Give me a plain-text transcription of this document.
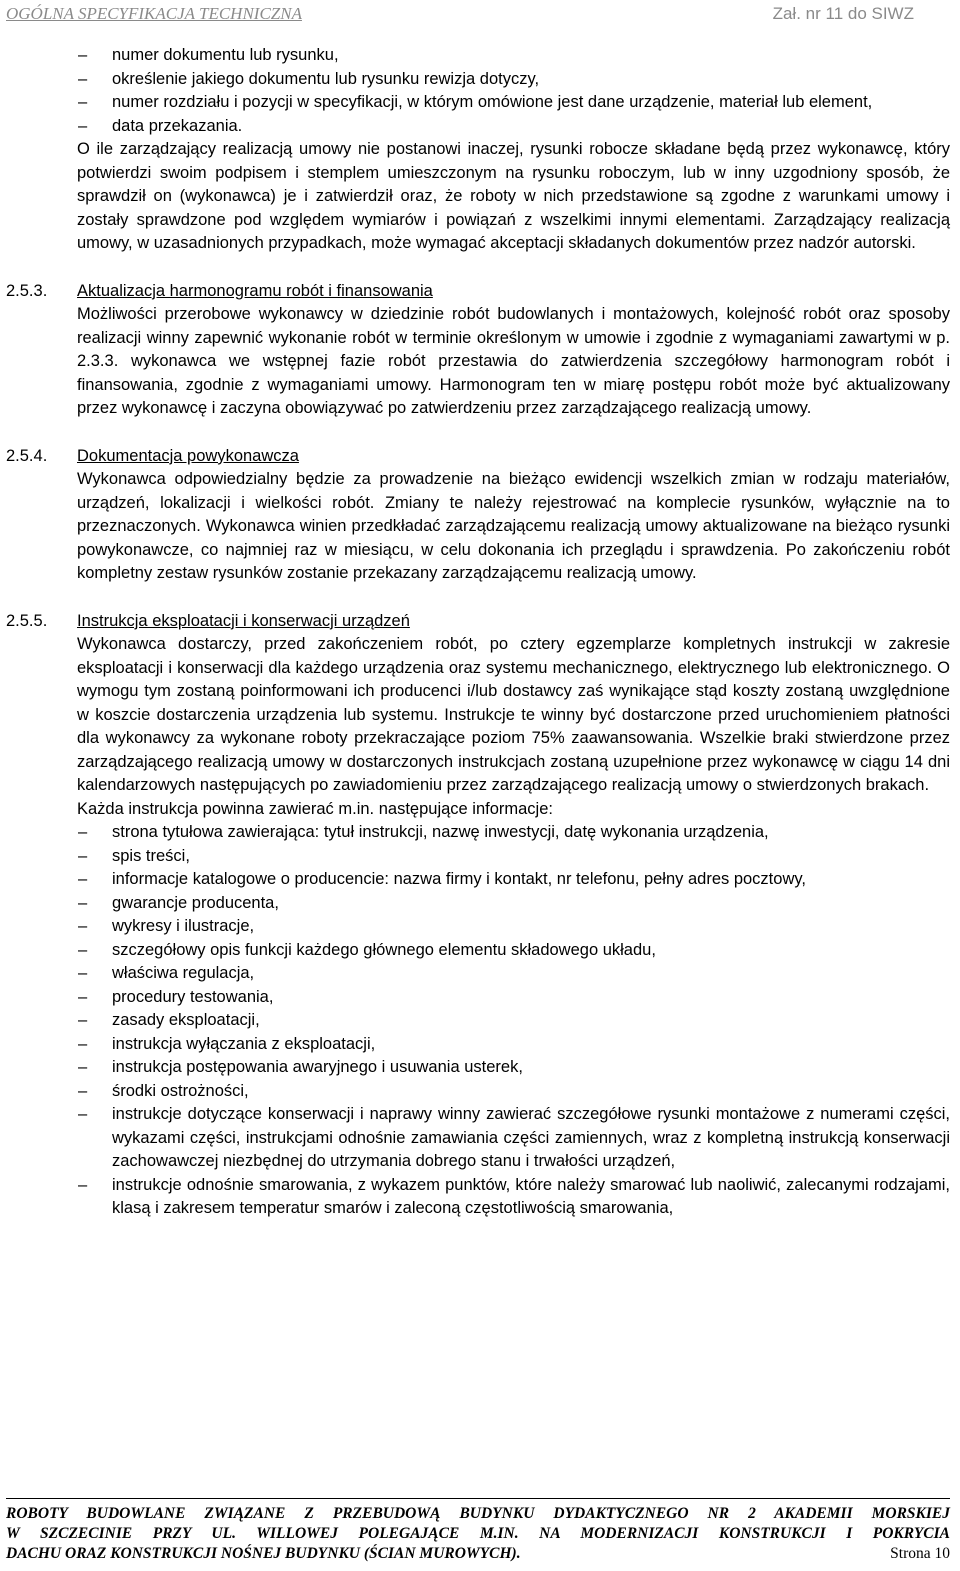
OGÓLNA SPECYFIKACJA TECHNICZNA	Zał. nr 11 do SIWZ
– numer dokumentu lub rysunku,
– określenie jakiego dokumentu lub rysunku rewizja dotyczy,
– numer rozdziału i pozycji w specyfikacji, w którym omówione jest dane urządzenie, materiał lub element,
– data przekazania.

O ile zarządzający realizacją umowy nie postanowi inaczej, rysunki robocze składane będą przez wykonawcę, który potwierdzi swoim podpisem i stemplem umieszczonym na rysunku roboczym, lub w inny uzgodniony sposób, że sprawdził on (wykonawca) je i zatwierdził oraz, że roboty w nich przedstawione są zgodne z warunkami umowy i zostały sprawdzone pod względem wymiarów i powiązań z wszelkimi innymi elementami. Zarządzający realizacją umowy, w uzasadnionych przypadkach, może wymagać akceptacji składanych dokumentów przez nadzór autorski.

2.5.3. Aktualizacja harmonogramu robót i finansowania

Możliwości przerobowe wykonawcy w dziedzinie robót budowlanych i montażowych, kolejność robót oraz sposoby realizacji winny zapewnić wykonanie robót w terminie określonym w umowie i zgodnie z wymaganiami zawartymi w p. 2.3.3. wykonawca we wstępnej fazie robót przestawia do zatwierdzenia szczegółowy harmonogram robót i finansowania, zgodnie z wymaganiami umowy. Harmonogram ten w miarę postępu robót może być aktualizowany przez wykonawcę i zaczyna obowiązywać po zatwierdzeniu przez zarządzającego realizacją umowy.

2.5.4. Dokumentacja powykonawcza

Wykonawca odpowiedzialny będzie za prowadzenie na bieżąco ewidencji wszelkich zmian w rodzaju materiałów, urządzeń, lokalizacji i wielkości robót. Zmiany te należy rejestrować na komplecie rysunków, wyłącznie na to przeznaczonych. Wykonawca winien przedkładać zarządzającemu realizacją umowy aktualizowane na bieżąco rysunki powykonawcze, co najmniej raz w miesiącu, w celu dokonania ich przeglądu i sprawdzenia. Po zakończeniu robót kompletny zestaw rysunków zostanie przekazany zarządzającemu realizacją umowy.

2.5.5. Instrukcja eksploatacji i konserwacji urządzeń

Wykonawca dostarczy, przed zakończeniem robót, po cztery egzemplarze kompletnych instrukcji w zakresie eksploatacji i konserwacji dla każdego urządzenia oraz systemu mechanicznego, elektrycznego lub elektronicznego. O wymogu tym zostaną poinformowani ich producenci i/lub dostawcy zaś wynikające stąd koszty zostaną uwzględnione w koszcie dostarczenia urządzenia lub systemu. Instrukcje te winny być dostarczone przed uruchomieniem płatności dla wykonawcy za wykonane roboty przekraczające poziom 75% zaawansowania. Wszelkie braki stwierdzone przez zarządzającego realizacją umowy w dostarczonych instrukcjach zostaną uzupełnione przez wykonawcę w ciągu 14 dni kalendarzowych następujących po zawiadomieniu przez zarządzającego realizacją umowy o stwierdzonych brakach.

Każda instrukcja powinna zawierać m.in. następujące informacje:

– strona tytułowa zawierająca: tytuł instrukcji, nazwę inwestycji, datę wykonania urządzenia,
– spis treści,
– informacje katalogowe o producencie: nazwa firmy i kontakt, nr telefonu, pełny adres pocztowy,
– gwarancje producenta,
– wykresy i ilustracje,
– szczegółowy opis funkcji każdego głównego elementu składowego układu,
– właściwa regulacja,
– procedury testowania,
– zasady eksploatacji,
– instrukcja wyłączania z eksploatacji,
– instrukcja postępowania awaryjnego i usuwania usterek,
– środki ostrożności,
– instrukcje dotyczące konserwacji i naprawy winny zawierać szczegółowe rysunki montażowe z numerami części, wykazami części, instrukcjami odnośnie zamawiania części zamiennych, wraz z kompletną instrukcją konserwacji zachowawczej niezbędnej do utrzymania dobrego stanu i trwałości urządzeń,
– instrukcje odnośnie smarowania, z wykazem punktów, które należy smarować lub naoliwić, zalecanymi rodzajami, klasą i zakresem temperatur smarów i zaleconą częstotliwością smarowania,
ROBOTY BUDOWLANE ZWIĄZANE Z PRZEBUDOWĄ BUDYNKU DYDAKTYCZNEGO NR 2 AKADEMII MORSKIEJ
W SZCZECINIE PRZY UL. WILLOWEJ POLEGAJĄCE M.IN. NA MODERNIZACJI KONSTRUKCJI I POKRYCIA
DACHU ORAZ KONSTRUKCJI NOŚNEJ BUDYNKU (ŚCIAN MUROWYCH).	Strona 10
